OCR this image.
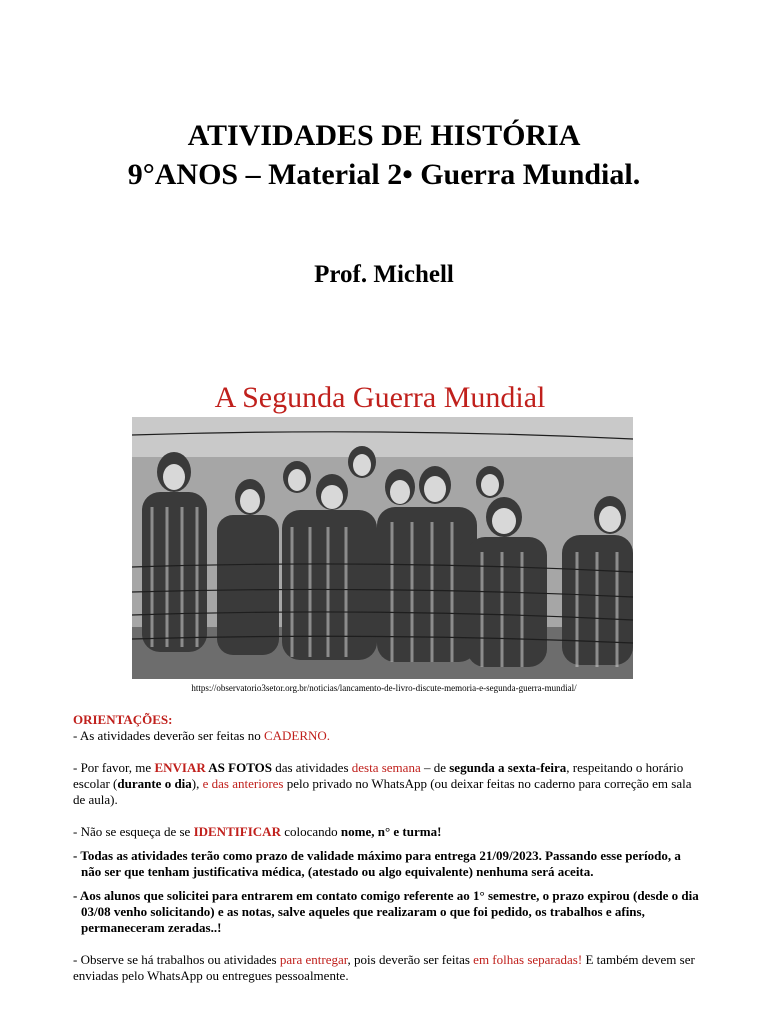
ATIVIDADES DE HISTÓRIA
9°ANOS – Material 2• Guerra Mundial.
Prof. Michell
A Segunda Guerra Mundial

https://observatorio3setor.org.br/noticias/lancamento-de-livro-discute-memoria-e-segunda-guerra-mundial/

ORIENTAÇÕES:

- As atividades deverão ser feitas no CADERNO.

- Por favor, me ENVIAR AS FOTOS das atividades desta semana – de segunda a sexta-feira, respeitando o horário escolar (durante o dia), e das anteriores pelo privado no WhatsApp (ou deixar feitas no caderno para correção em sala de aula).

- Não se esqueça de se IDENTIFICAR colocando nome, n° e turma!

- Todas as atividades terão como prazo de validade máximo para entrega 21/09/2023. Passando esse período, a não ser que tenham justificativa médica, (atestado ou algo equivalente) nenhuma será aceita.

- Aos alunos que solicitei para entrarem em contato comigo referente ao 1° semestre, o prazo expirou (desde o dia 03/08 venho solicitando) e as notas, salve aqueles que realizaram o que foi pedido, os trabalhos e afins, permaneceram zeradas..!

- Observe se há trabalhos ou atividades para entregar, pois deverão ser feitas em folhas separadas! E também devem ser enviadas pelo WhatsApp ou entregues pessoalmente.
